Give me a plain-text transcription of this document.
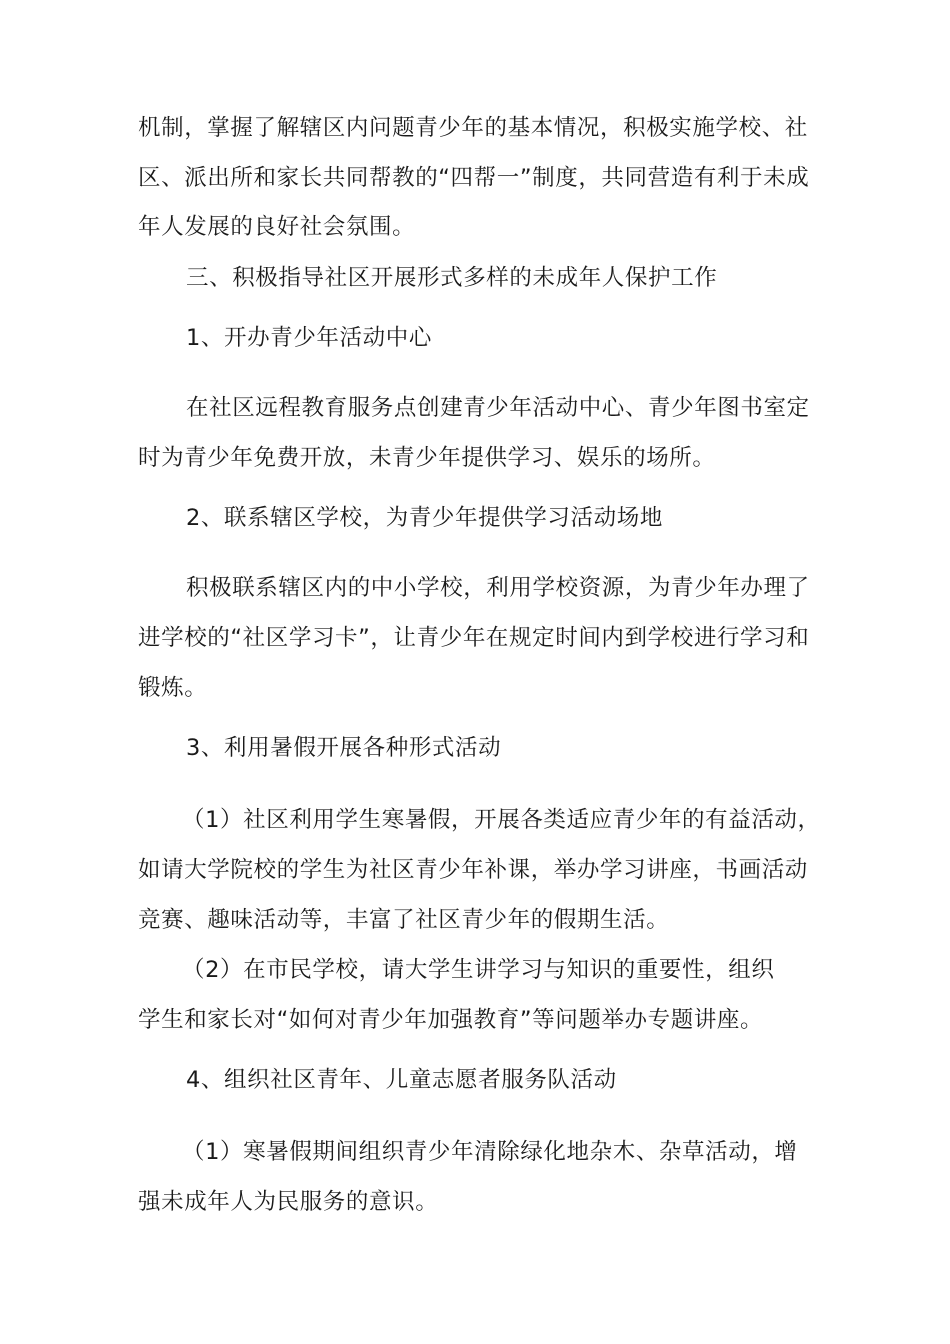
机制，掌握了解辖区内问题青少年的基本情况，积极实施学校、社
区、派出所和家长共同帮教的“四帮一”制度，共同营造有利于未成
年人发展的良好社会氛围。
三、积极指导社区开展形式多样的未成年人保护工作
1、开办青少年活动中心
在社区远程教育服务点创建青少年活动中心、青少年图书室定
时为青少年免费开放，未青少年提供学习、娱乐的场所。
2、联系辖区学校，为青少年提供学习活动场地
积极联系辖区内的中小学校，利用学校资源，为青少年办理了
进学校的“社区学习卡”，让青少年在规定时间内到学校进行学习和
锻炼。
3、利用暑假开展各种形式活动
（1）社区利用学生寒暑假，开展各类适应青少年的有益活动，
如请大学院校的学生为社区青少年补课，举办学习讲座，书画活动
竞赛、趣味活动等，丰富了社区青少年的假期生活。
（2）在市民学校，请大学生讲学习与知识的重要性，组织
学生和家长对“如何对青少年加强教育”等问题举办专题讲座。
4、组织社区青年、儿童志愿者服务队活动
（1）寒暑假期间组织青少年清除绿化地杂木、杂草活动，增
强未成年人为民服务的意识。
